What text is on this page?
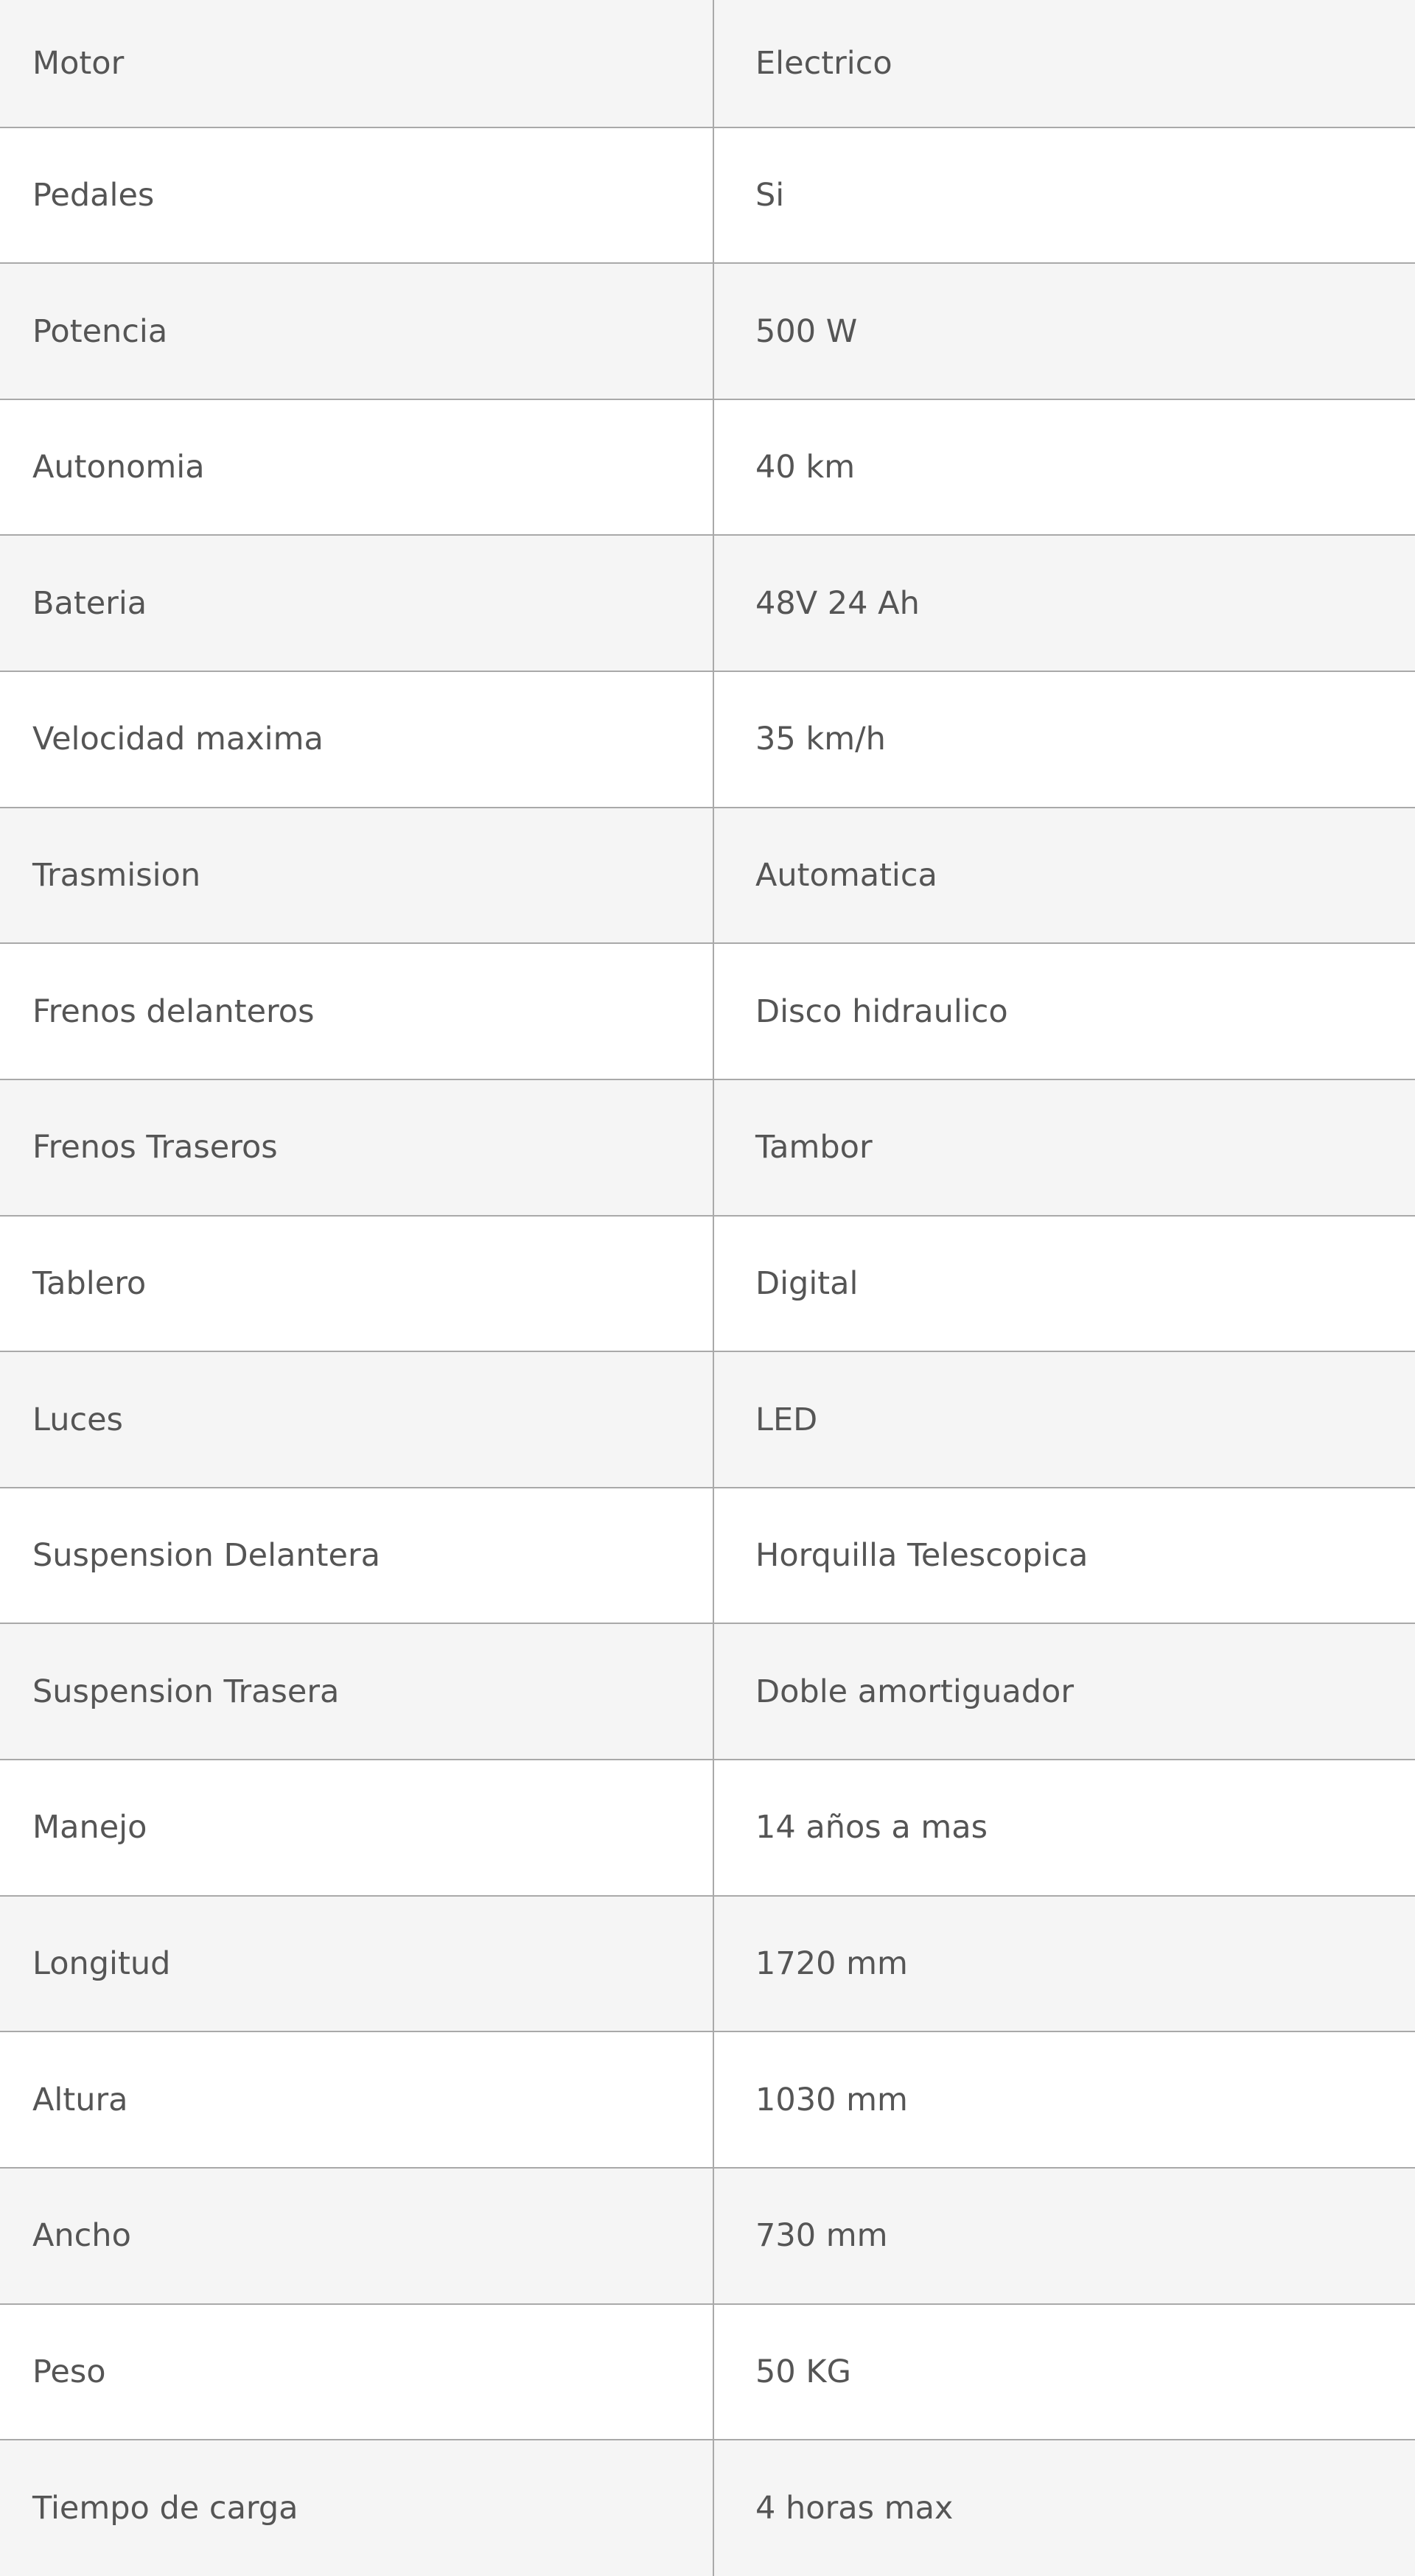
Motor	Electrico
Pedales	Si
Potencia	500 W
Autonomia	40 km
Bateria	48V 24 Ah
Velocidad maxima	35 km/h
Trasmision	Automatica
Frenos delanteros	Disco hidraulico
Frenos Traseros	Tambor
Tablero	Digital
Luces	LED
Suspension Delantera	Horquilla Telescopica
Suspension Trasera	Doble amortiguador
Manejo	14 años a mas
Longitud	1720 mm
Altura	1030 mm
Ancho	730 mm
Peso	50 KG
Tiempo de carga	4 horas max
